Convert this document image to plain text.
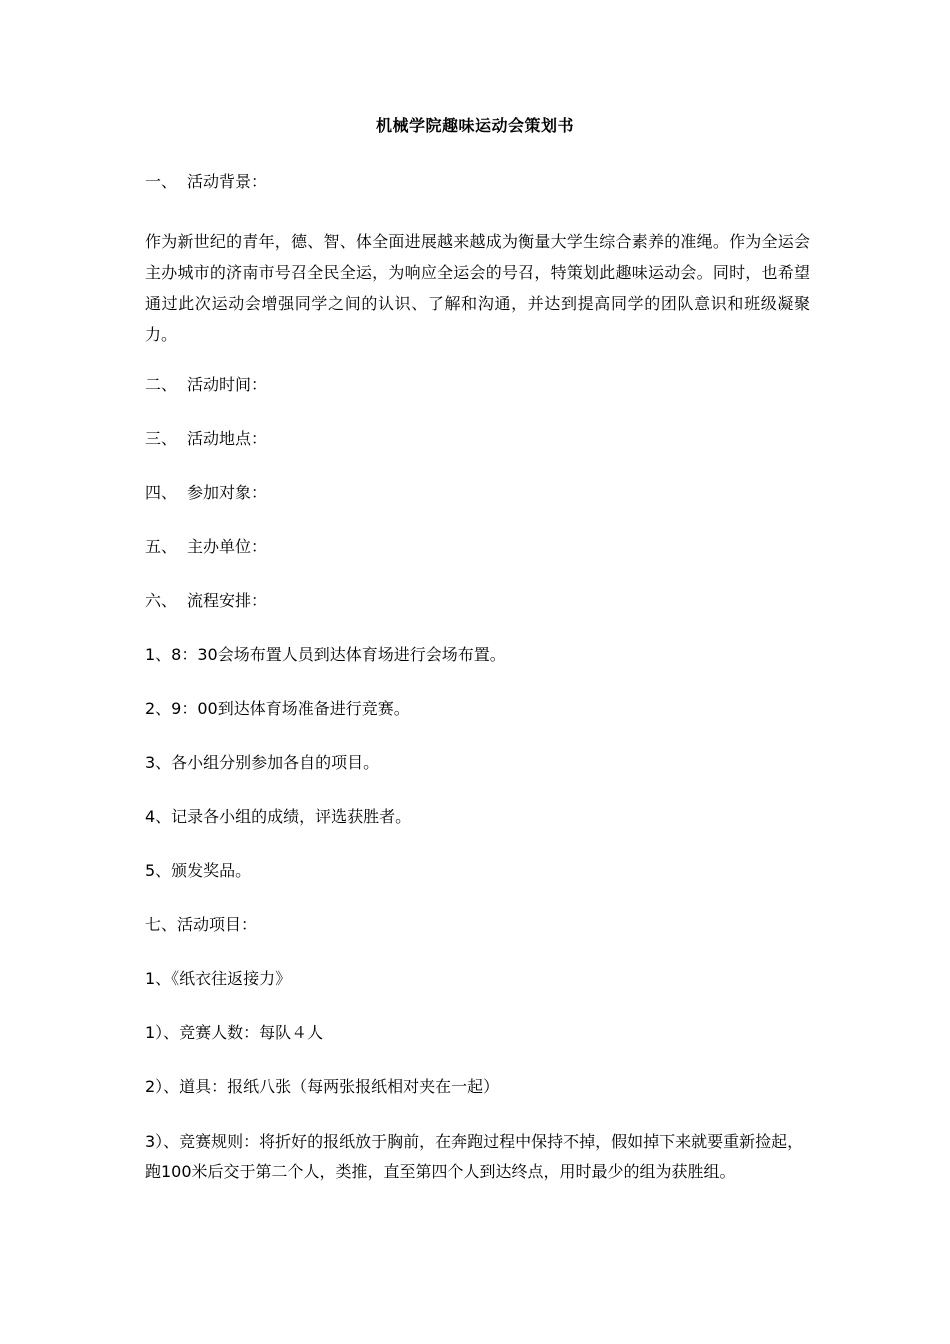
机械学院趣味运动会策划书
一、 活动背景：
作为新世纪的青年，德、智、体全面进展越来越成为衡量大学生综合素养的准绳。作为全运会主办城市的济南市号召全民全运，为响应全运会的号召，特策划此趣味运动会。同时，也希望通过此次运动会增强同学之间的认识、了解和沟通，并达到提高同学的团队意识和班级凝聚力。
二、 活动时间：
三、 活动地点：
四、 参加对象：
五、 主办单位：
六、 流程安排：
1、8：30会场布置人员到达体育场进行会场布置。
2、9：00到达体育场准备进行竞赛。
3、各小组分别参加各自的项目。
4、记录各小组的成绩，评选获胜者。
5、颁发奖品。
七、活动项目：
1、《纸衣往返接力》
1）、竞赛人数：每队４人
2）、道具：报纸八张（每两张报纸相对夹在一起）
3）、竞赛规则：将折好的报纸放于胸前，在奔跑过程中保持不掉，假如掉下来就要重新捡起，跑100米后交于第二个人，类推，直至第四个人到达终点，用时最少的组为获胜组。
